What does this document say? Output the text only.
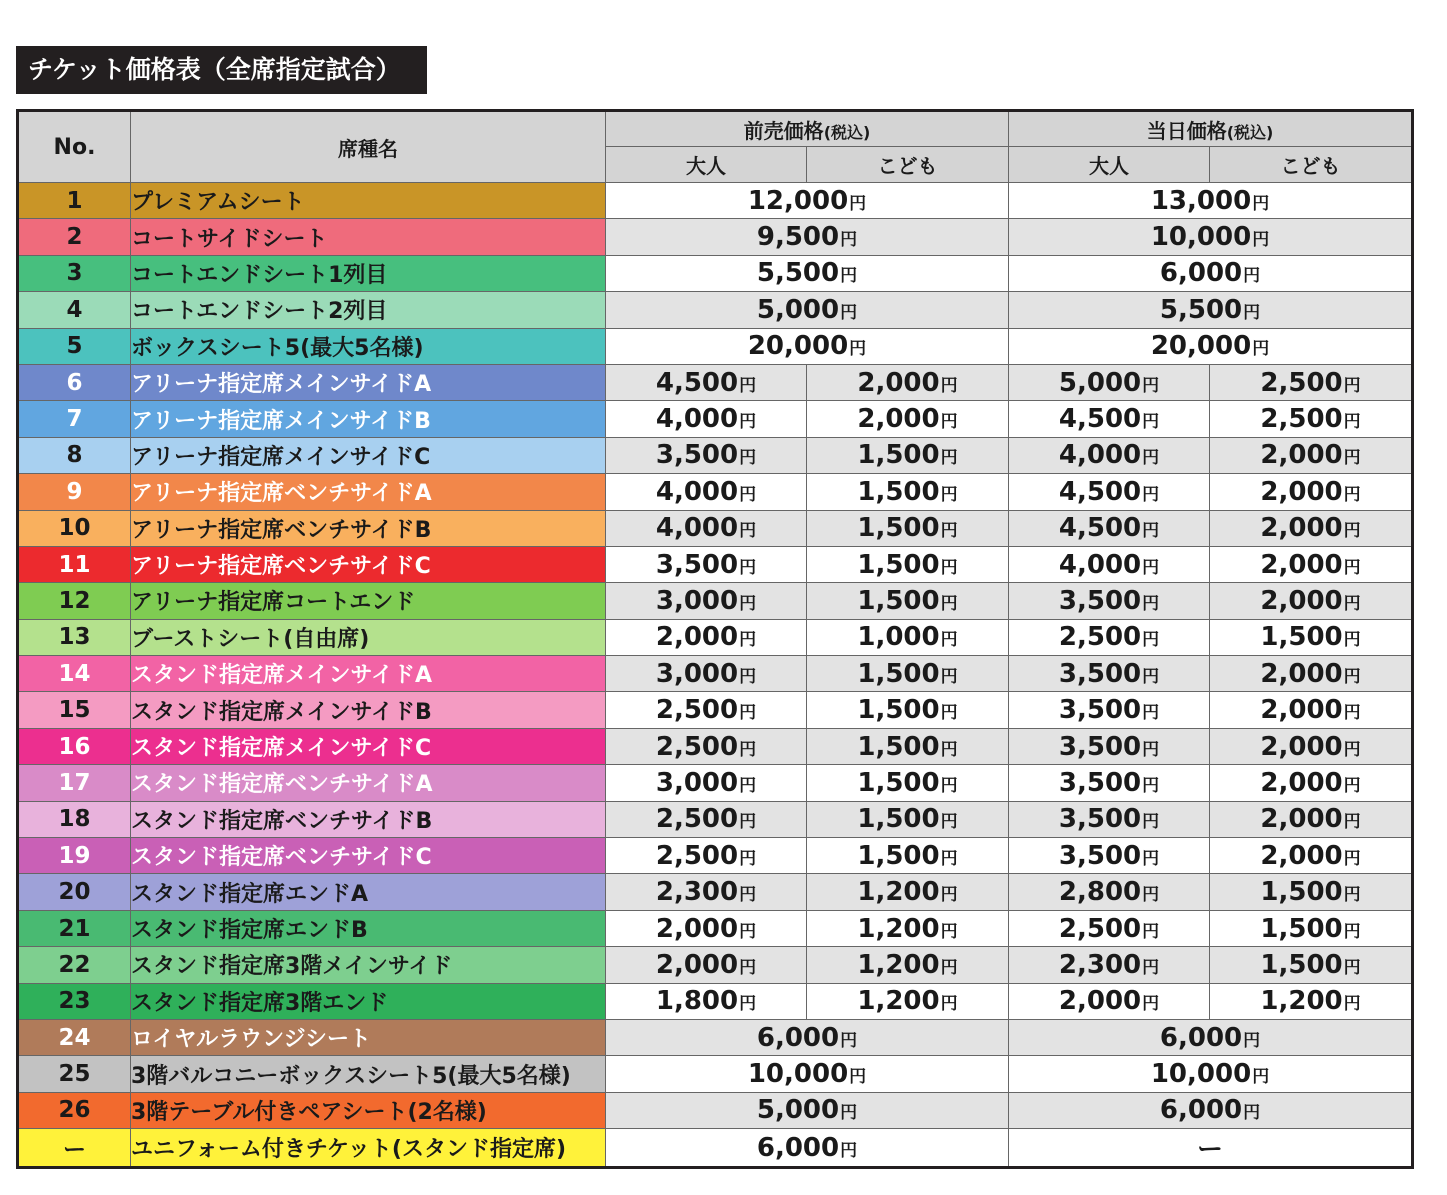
チケット価格表（全席指定試合）
No.	席種名	前売価格(税込)		当日価格(税込)	
		大人	こども	大人	こども
1	プレミアムシート	12,000円		13,000円	
2	コートサイドシート	9,500円		10,000円	
3	コートエンドシート1列目	5,500円		6,000円	
4	コートエンドシート2列目	5,000円		5,500円	
5	ボックスシート5(最大5名様)	20,000円		20,000円	
6	アリーナ指定席メインサイドA	4,500円	2,000円	5,000円	2,500円
7	アリーナ指定席メインサイドB	4,000円	2,000円	4,500円	2,500円
8	アリーナ指定席メインサイドC	3,500円	1,500円	4,000円	2,000円
9	アリーナ指定席ベンチサイドA	4,000円	1,500円	4,500円	2,000円
10	アリーナ指定席ベンチサイドB	4,000円	1,500円	4,500円	2,000円
11	アリーナ指定席ベンチサイドC	3,500円	1,500円	4,000円	2,000円
12	アリーナ指定席コートエンド	3,000円	1,500円	3,500円	2,000円
13	ブーストシート(自由席)	2,000円	1,000円	2,500円	1,500円
14	スタンド指定席メインサイドA	3,000円	1,500円	3,500円	2,000円
15	スタンド指定席メインサイドB	2,500円	1,500円	3,500円	2,000円
16	スタンド指定席メインサイドC	2,500円	1,500円	3,500円	2,000円
17	スタンド指定席ベンチサイドA	3,000円	1,500円	3,500円	2,000円
18	スタンド指定席ベンチサイドB	2,500円	1,500円	3,500円	2,000円
19	スタンド指定席ベンチサイドC	2,500円	1,500円	3,500円	2,000円
20	スタンド指定席エンドA	2,300円	1,200円	2,800円	1,500円
21	スタンド指定席エンドB	2,000円	1,200円	2,500円	1,500円
22	スタンド指定席3階メインサイド	2,000円	1,200円	2,300円	1,500円
23	スタンド指定席3階エンド	1,800円	1,200円	2,000円	1,200円
24	ロイヤルラウンジシート	6,000円		6,000円	
25	3階バルコニーボックスシート5(最大5名様)	10,000円		10,000円	
26	3階テーブル付きペアシート(2名様)	5,000円		6,000円	
ー	ユニフォーム付きチケット(スタンド指定席)	6,000円		ー	
